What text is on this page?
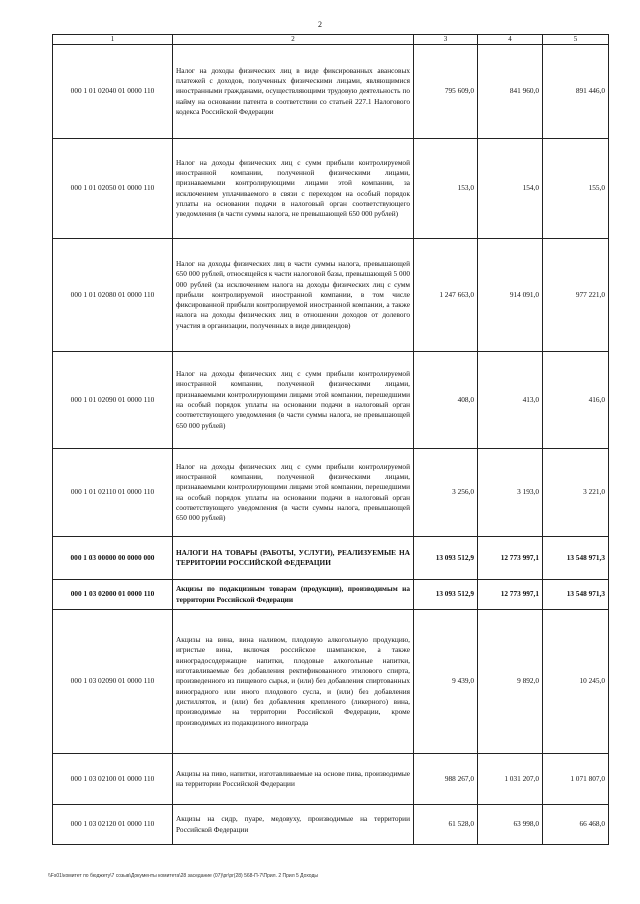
2
1	2	3	4	5
000 1 01 02040 01 0000 110	Налог на доходы физических лиц в виде фиксированных авансовых платежей с доходов, полученных физическими лицами, являющимися иностранными гражданами, осуществляющими трудовую деятельность по найму на основании патента в соответствии со статьей 227.1 Налогового кодекса Российской Федерации	795 609,0	841 960,0	891 446,0
000 1 01 02050 01 0000 110	Налог на доходы физических лиц с сумм прибыли контролируемой иностранной компании, полученной физическими лицами, признаваемыми контролирующими лицами этой компании, за исключением уплачиваемого в связи с переходом на особый порядок уплаты на основании подачи в налоговый орган соответствующего уведомления (в части суммы налога, не превышающей 650 000 рублей)	153,0	154,0	155,0
000 1 01 02080 01 0000 110	Налог на доходы физических лиц в части суммы налога, превышающей 650 000 рублей, относящейся к части налоговой базы, превышающей 5 000 000 рублей (за исключением налога на доходы физических лиц с сумм прибыли контролируемой иностранной компании, в том числе фиксированной прибыли контролируемой иностранной компании, а также налога на доходы физических лиц в отношении доходов от долевого участия в организации, полученных в виде дивидендов)	1 247 663,0	914 091,0	977 221,0
000 1 01 02090 01 0000 110	Налог на доходы физических лиц с сумм прибыли контролируемой иностранной компании, полученной физическими лицами, признаваемыми контролирующими лицами этой компании, перешедшими на особый порядок уплаты на основании подачи в налоговый орган соответствующего уведомления (в части суммы налога, не превышающей 650 000 рублей)	408,0	413,0	416,0
000 1 01 02110 01 0000 110	Налог на доходы физических лиц с сумм прибыли контролируемой иностранной компании, полученной физическими лицами, признаваемыми контролирующими лицами этой компании, перешедшими на особый порядок уплаты на основании подачи в налоговый орган соответствующего уведомления (в части суммы налога, превышающей 650 000 рублей)	3 256,0	3 193,0	3 221,0
000 1 03 00000 00 0000 000	НАЛОГИ НА ТОВАРЫ (РАБОТЫ, УСЛУГИ), РЕАЛИЗУЕМЫЕ НА ТЕРРИТОРИИ РОССИЙСКОЙ ФЕДЕРАЦИИ	13 093 512,9	12 773 997,1	13 548 971,3
000 1 03 02000 01 0000 110	Акцизы по подакцизным товарам (продукции), производимым на территории Российской Федерации	13 093 512,9	12 773 997,1	13 548 971,3
000 1 03 02090 01 0000 110	Акцизы на вина, вина наливом, плодовую алкогольную продукцию, игристые вина, включая российское шампанское, а также виноградосодержащие напитки, плодовые алкогольные напитки, изготавливаемые без добавления ректификованного этилового спирта, произведенного из пищевого сырья, и (или) без добавления спиртованных виноградного или иного плодового сусла, и (или) без добавления дистиллятов, и (или) без добавления крепленого (ликерного) вина, производимые на территории Российской Федерации, кроме производимых из подакцизного винограда	9 439,0	9 892,0	10 245,0
000 1 03 02100 01 0000 110	Акцизы на пиво, напитки, изготавливаемые на основе пива, производимые на территории Российской Федерации	988 267,0	1 031 207,0	1 071 807,0
000 1 03 02120 01 0000 110	Акцизы на сидр, пуаре, медовуху, производимые на территории Российской Федерации	61 528,0	63 998,0	66 468,0
\\Fs01\комитет по бюджету\7 созыв\Документы комитета\28 заседание (07)\pr\pr(28) 568-П-7\Прил. 2 Прил 5 Доходы
